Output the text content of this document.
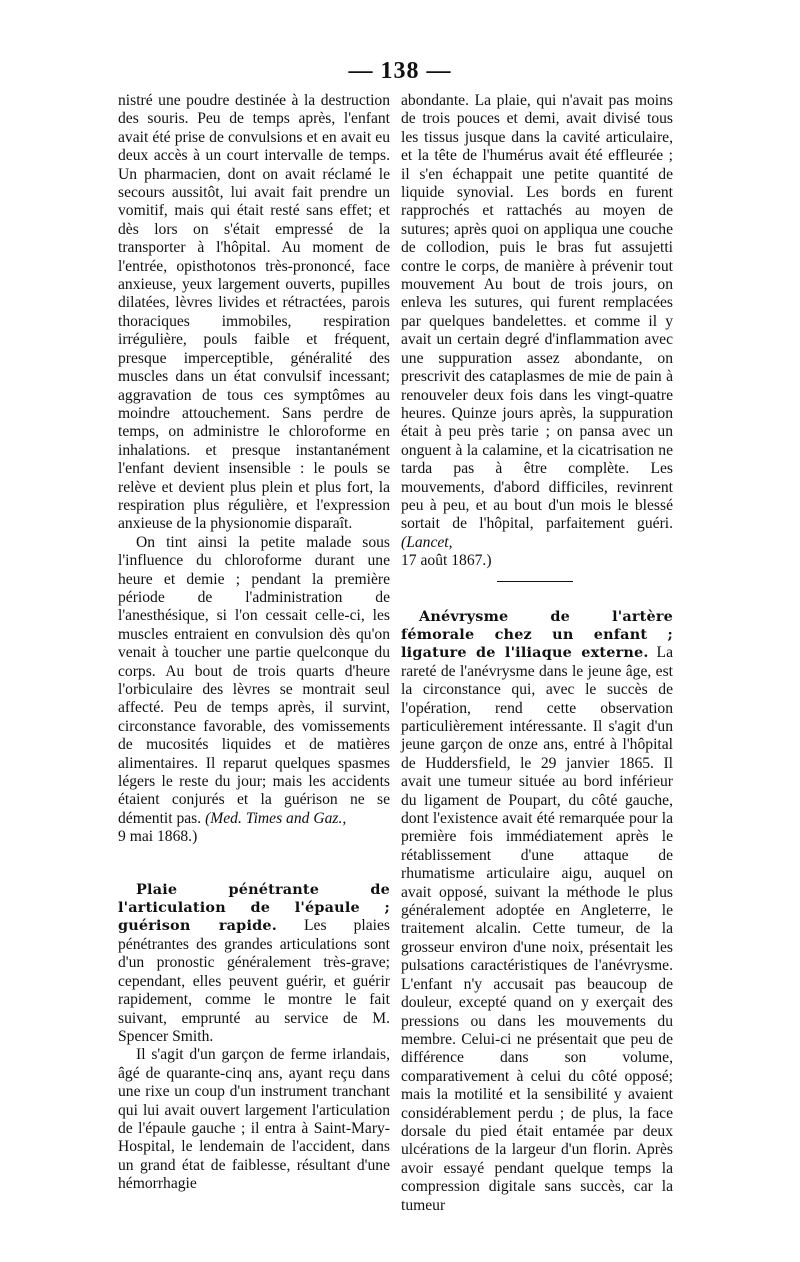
— 138 —

nistré une poudre destinée à la destruction des souris. Peu de temps après, l'enfant avait été prise de convulsions et en avait eu deux accès à un court intervalle de temps. Un pharmacien, dont on avait réclamé le secours aussitôt, lui avait fait prendre un vomitif, mais qui était resté sans effet; et dès lors on s'était empressé de la transporter à l'hôpital. Au moment de l'entrée, opisthotonos très-prononcé, face anxieuse, yeux largement ouverts, pupilles dilatées, lèvres livides et rétractées, parois thoraciques immobiles, respiration irrégulière, pouls faible et fréquent, presque imperceptible, généralité des muscles dans un état convulsif incessant; aggravation de tous ces symptômes au moindre attouchement. Sans perdre de temps, on administre le chloroforme en inhalations. et presque instantanément l'enfant devient insensible : le pouls se relève et devient plus plein et plus fort, la respiration plus régulière, et l'expression anxieuse de la physionomie disparaît.

On tint ainsi la petite malade sous l'influence du chloroforme durant une heure et demie ; pendant la première période de l'administration de l'anesthésique, si l'on cessait celle-ci, les muscles entraient en convulsion dès qu'on venait à toucher une partie quelconque du corps. Au bout de trois quarts d'heure l'orbiculaire des lèvres se montrait seul affecté. Peu de temps après, il survint, circonstance favorable, des vomissements de mucosités liquides et de matières alimentaires. Il reparut quelques spasmes légers le reste du jour; mais les accidents étaient conjurés et la guérison ne se démentit pas. (Med. Times and Gaz.,
9 mai 1868.)

Plaie pénétrante de l'articulation de l'épaule ; guérison rapide. Les plaies pénétrantes des grandes articulations sont d'un pronostic généralement très-grave; cependant, elles peuvent guérir, et guérir rapidement, comme le montre le fait suivant, emprunté au service de M. Spencer Smith.

Il s'agit d'un garçon de ferme irlandais, âgé de quarante-cinq ans, ayant reçu dans une rixe un coup d'un instrument tranchant qui lui avait ouvert largement l'articulation de l'épaule gauche ; il entra à Saint-Mary-Hospital, le lendemain de l'accident, dans un grand état de faiblesse, résultant d'une hémorrhagie

abondante. La plaie, qui n'avait pas moins de trois pouces et demi, avait divisé tous les tissus jusque dans la cavité articulaire, et la tête de l'humérus avait été effleurée ; il s'en échappait une petite quantité de liquide synovial. Les bords en furent rapprochés et rattachés au moyen de sutures; après quoi on appliqua une couche de collodion, puis le bras fut assujetti contre le corps, de manière à prévenir tout mouvement Au bout de trois jours, on enleva les sutures, qui furent remplacées par quelques bandelettes. et comme il y avait un certain degré d'inflammation avec une suppuration assez abondante, on prescrivit des cataplasmes de mie de pain à renouveler deux fois dans les vingt-quatre heures. Quinze jours après, la suppuration était à peu près tarie ; on pansa avec un onguent à la calamine, et la cicatrisation ne tarda pas à être complète. Les mouvements, d'abord difficiles, revinrent peu à peu, et au bout d'un mois le blessé sortait de l'hôpital, parfaitement guéri. (Lancet,
17 août 1867.)

Anévrysme de l'artère fémorale chez un enfant ; ligature de l'iliaque externe. La rareté de l'anévrysme dans le jeune âge, est la circonstance qui, avec le succès de l'opération, rend cette observation particulièrement intéressante. Il s'agit d'un jeune garçon de onze ans, entré à l'hôpital de Huddersfield, le 29 janvier 1865. Il avait une tumeur située au bord inférieur du ligament de Poupart, du côté gauche, dont l'existence avait été remarquée pour la première fois immédiatement après le rétablissement d'une attaque de rhumatisme articulaire aigu, auquel on avait opposé, suivant la méthode le plus généralement adoptée en Angleterre, le traitement alcalin. Cette tumeur, de la grosseur environ d'une noix, présentait les pulsations caractéristiques de l'anévrysme. L'enfant n'y accusait pas beaucoup de douleur, excepté quand on y exerçait des pressions ou dans les mouvements du membre. Celui-ci ne présentait que peu de différence dans son volume, comparativement à celui du côté opposé; mais la motilité et la sensibilité y avaient considérablement perdu ; de plus, la face dorsale du pied était entamée par deux ulcérations de la largeur d'un florin. Après avoir essayé pendant quelque temps la compression digitale sans succès, car la tumeur
